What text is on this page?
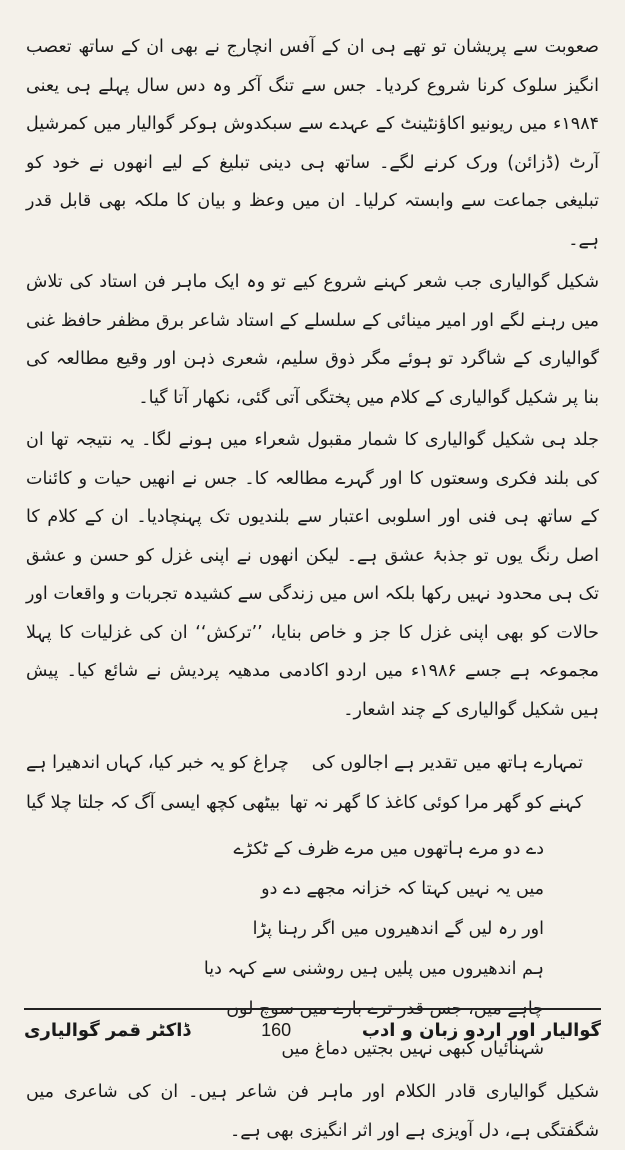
صعوبت سے پریشان تو تھے ہی ان کے آفس انچارج نے بھی ان کے ساتھ تعصب انگیز سلوک کرنا شروع کردیا۔ جس سے تنگ آکر وہ دس سال پہلے ہی یعنی ۱۹۸۴ء میں ریونیو اکاؤنٹینٹ کے عہدے سے سبکدوش ہوکر گوالیار میں کمرشیل آرٹ (ڈزائن) ورک کرنے لگے۔ ساتھ ہی دینی تبلیغ کے لیے انھوں نے خود کو تبلیغی جماعت سے وابستہ کرلیا۔ ان میں وعظ و بیان کا ملکہ بھی قابل قدر ہے۔

شکیل گوالیاری جب شعر کہنے شروع کیے تو وہ ایک ماہر فن استاد کی تلاش میں رہنے لگے اور امیر مینائی کے سلسلے کے استاد شاعر برق مظفر حافظ غنی گوالیاری کے شاگرد تو ہوئے مگر ذوق سلیم، شعری ذہن اور وقیع مطالعہ کی بنا پر شکیل گوالیاری کے کلام میں پختگی آتی گئی، نکھار آتا گیا۔

جلد ہی شکیل گوالیاری کا شمار مقبول شعراء میں ہونے لگا۔ یہ نتیجہ تھا ان کی بلند فکری وسعتوں کا اور گہرے مطالعہ کا۔ جس نے انھیں حیات و کائنات کے ساتھ ہی فنی اور اسلوبی اعتبار سے بلندیوں تک پہنچادیا۔ ان کے کلام کا اصل رنگ یوں تو جذبۂ عشق ہے۔ لیکن انھوں نے اپنی غزل کو حسن و عشق تک ہی محدود نہیں رکھا بلکہ اس میں زندگی سے کشیدہ تجربات و واقعات اور حالات کو بھی اپنی غزل کا جز و خاص بنایا، ’’ترکش‘‘ ان کی غزلیات کا پہلا مجموعہ ہے جسے ۱۹۸۶ء میں اردو اکادمی مدھیہ پردیش نے شائع کیا۔ پیش ہیں شکیل گوالیاری کے چند اشعار۔

تمہارے ہاتھ میں تقدیر ہے اجالوں کی
چراغ کو یہ خبر کیا، کہاں اندھیرا ہے
کہنے کو گھر مرا کوئی کاغذ کا گھر نہ تھا
بیٹھی کچھ ایسی آگ کہ جلتا چلا گیا
دے دو مرے ہاتھوں میں مرے ظرف کے ٹکڑے
میں یہ نہیں کہتا کہ خزانہ مجھے دے دو
اور رہ لیں گے اندھیروں میں اگر رہنا پڑا
ہم اندھیروں میں پلیں ہیں روشنی سے کہہ دیا
چاہے میں، جس قدر ترے بارے میں سوچ لوں
شہنائیاں کبھی نہیں بجتیں دماغ میں

شکیل گوالیاری قادر الکلام اور ماہر فن شاعر ہیں۔ ان کی شاعری میں شگفتگی ہے، دل آویزی ہے اور اثر انگیزی بھی ہے۔

گوالیار اور اردو زبان و ادب
160
ڈاکٹر قمر گوالیاری
